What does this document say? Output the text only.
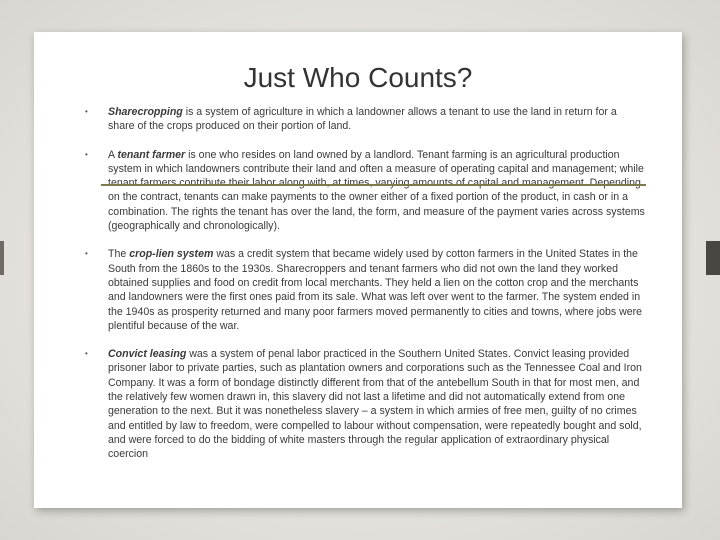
Just Who Counts?
• Sharecropping is a system of agriculture in which a landowner allows a tenant to use the land in return for a share of the crops produced on their portion of land.
• A tenant farmer is one who resides on land owned by a landlord. Tenant farming is an agricultural production system in which landowners contribute their land and often a measure of operating capital and management; while on the contract, tenants can make payments to the owner either of a fixed portion of the product, in cash or in a combination. The rights the tenant has over the land, the form, and measure of the payment varies across systems (geographically and chronologically).
• The crop-lien system was a credit system that became widely used by cotton farmers in the United States in the South from the 1860s to the 1930s. Sharecroppers and tenant farmers who did not own the land they worked obtained supplies and food on credit from local merchants. They held a lien on the cotton crop and the merchants and landowners were the first ones paid from its sale. What was left over went to the farmer. The system ended in the 1940s as prosperity returned and many poor farmers moved permanently to cities and towns, where jobs were plentiful because of the war.
• Convict leasing was a system of penal labor practiced in the Southern United States. Convict leasing provided prisoner labor to private parties, such as plantation owners and corporations such as the Tennessee Coal and Iron Company. It was a form of bondage distinctly different from that of the antebellum South in that for most men, and the relatively few women drawn in, this slavery did not last a lifetime and did not automatically extend from one generation to the next. But it was nonetheless slavery – a system in which armies of free men, guilty of no crimes and entitled by law to freedom, were compelled to labour without compensation, were repeatedly bought and sold, and were forced to do the bidding of white masters through the regular application of extraordinary physical coercion
